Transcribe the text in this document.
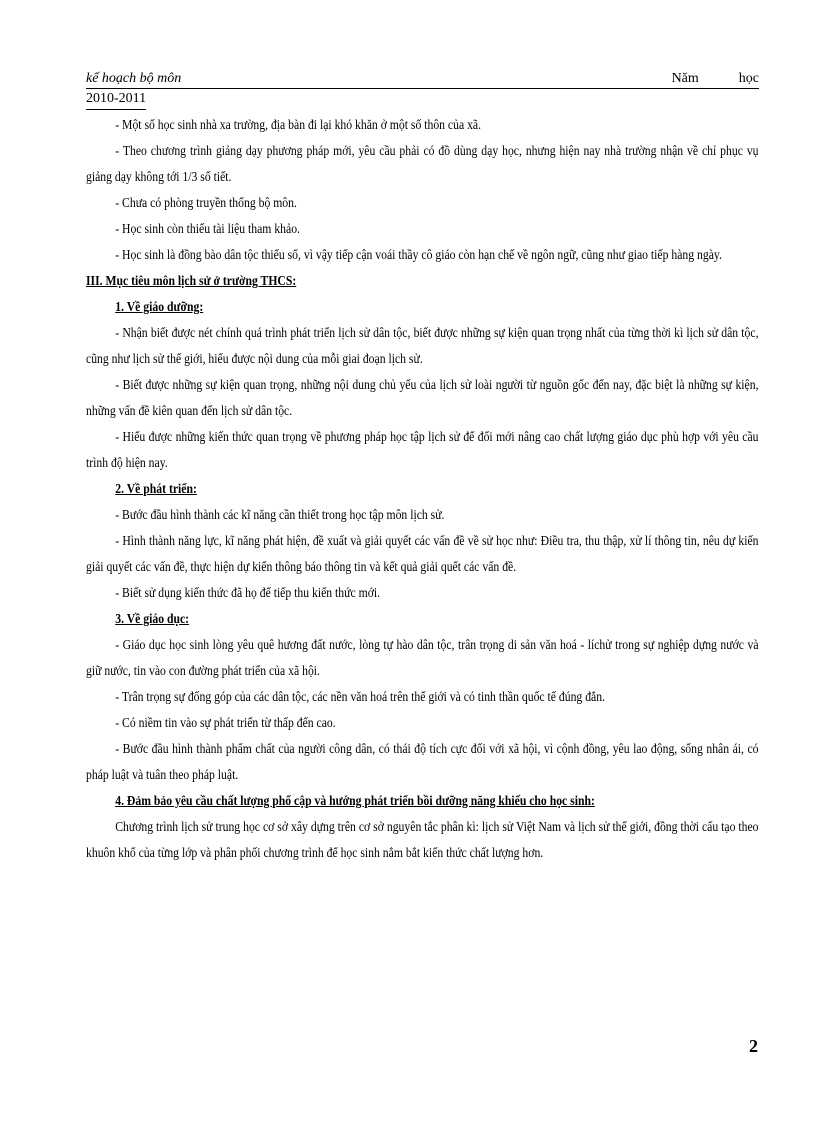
kế hoạch bộ môn	Năm	học
2010-2011

- Một số học sinh nhà xa trường, địa bàn đi lại khó khăn ở một số thôn của xã.

- Theo chương trình giảng dạy phương pháp mới, yêu cầu phải có đồ dùng dạy học, nhưng hiện nay nhà trường nhận về chỉ phục vụ giảng dạy không tới 1/3 số tiết.

- Chưa có phòng truyền thống bộ môn.

- Học sinh còn thiếu tài liệu tham khảo.

- Học sinh là đồng bào dân tộc thiểu số, vì vậy tiếp cận voái thầy cô giáo còn hạn chế về ngôn ngữ, cũng như giao tiếp hàng ngày.

III. Mục tiêu môn lịch sử ở trường THCS:
1. Về giáo dưỡng:

- Nhận biết được nét chính quá trình phát triển lịch sử dân tộc, biết được những sự kiện quan trọng nhất của từng thời kì lịch sử dân tộc, cũng như lịch sử thế giới, hiểu được nội dung của mỗi giai đoạn lịch sử.

- Biết được những sự kiện quan trọng, những nội dung chủ yếu của lịch sử loài người từ nguồn gốc đến nay, đặc biệt là những sự kiện, những vấn đề kiên quan đến lịch sử dân tộc.

- Hiểu được những kiến thức quan trọng về phương pháp học tập lịch sử để đổi mới nâng cao chất lượng giáo dục phù hợp với yêu cầu trình độ hiện nay.

2. Về phát triển:

- Bước đầu hình thành các kĩ năng cần thiết trong học tập môn lịch sử.

- Hình thành năng lực, kĩ năng phát hiện, đề xuất và giải quyết các vấn đề về sử học như: Điều tra, thu thập, xử lí thông tin, nêu dự kiến giải quyết các vấn đề, thực hiện dự kiến thông báo thông tin và kết quả giải quết các vấn đề.

- Biết sử dụng kiến thức đã họ để tiếp thu kiến thức mới.

3. Về giáo dục:

- Giáo dục học sinh lòng yêu quê hương đất nước, lòng tự hào dân tộc, trân trọng di sản văn hoá - líchử trong sự nghiệp dựng nước và giữ nước, tin vào con đường phát triển của xã hội.

- Trân trọng sự đống góp của các dân tộc, các nền văn hoá trên thế giới và có tinh thần quốc tế đúng đắn.

- Có niềm tin vào sự phát triển từ thấp đến cao.

- Bước đầu hình thành phẩm chất của người công dân, có thái độ tích cực đối với xã hội, vì cộnh đồng, yêu lao động, sống nhân ái, có pháp luật và tuân theo pháp luật.

4. Đảm bảo yêu cầu chất lượng phổ cập và hướng phát triển bồi dưỡng năng khiếu cho học sinh:

Chương trình lịch sử trung học cơ sở xây dựng trên cơ sở nguyên tắc phân kì: lịch sử Việt Nam và lịch sử thế giới, đồng thời cấu tạo theo khuôn khổ của từng lớp và phân phối chương trình để học sinh nắm bắt kiến thức chất lượng hơn.

2
